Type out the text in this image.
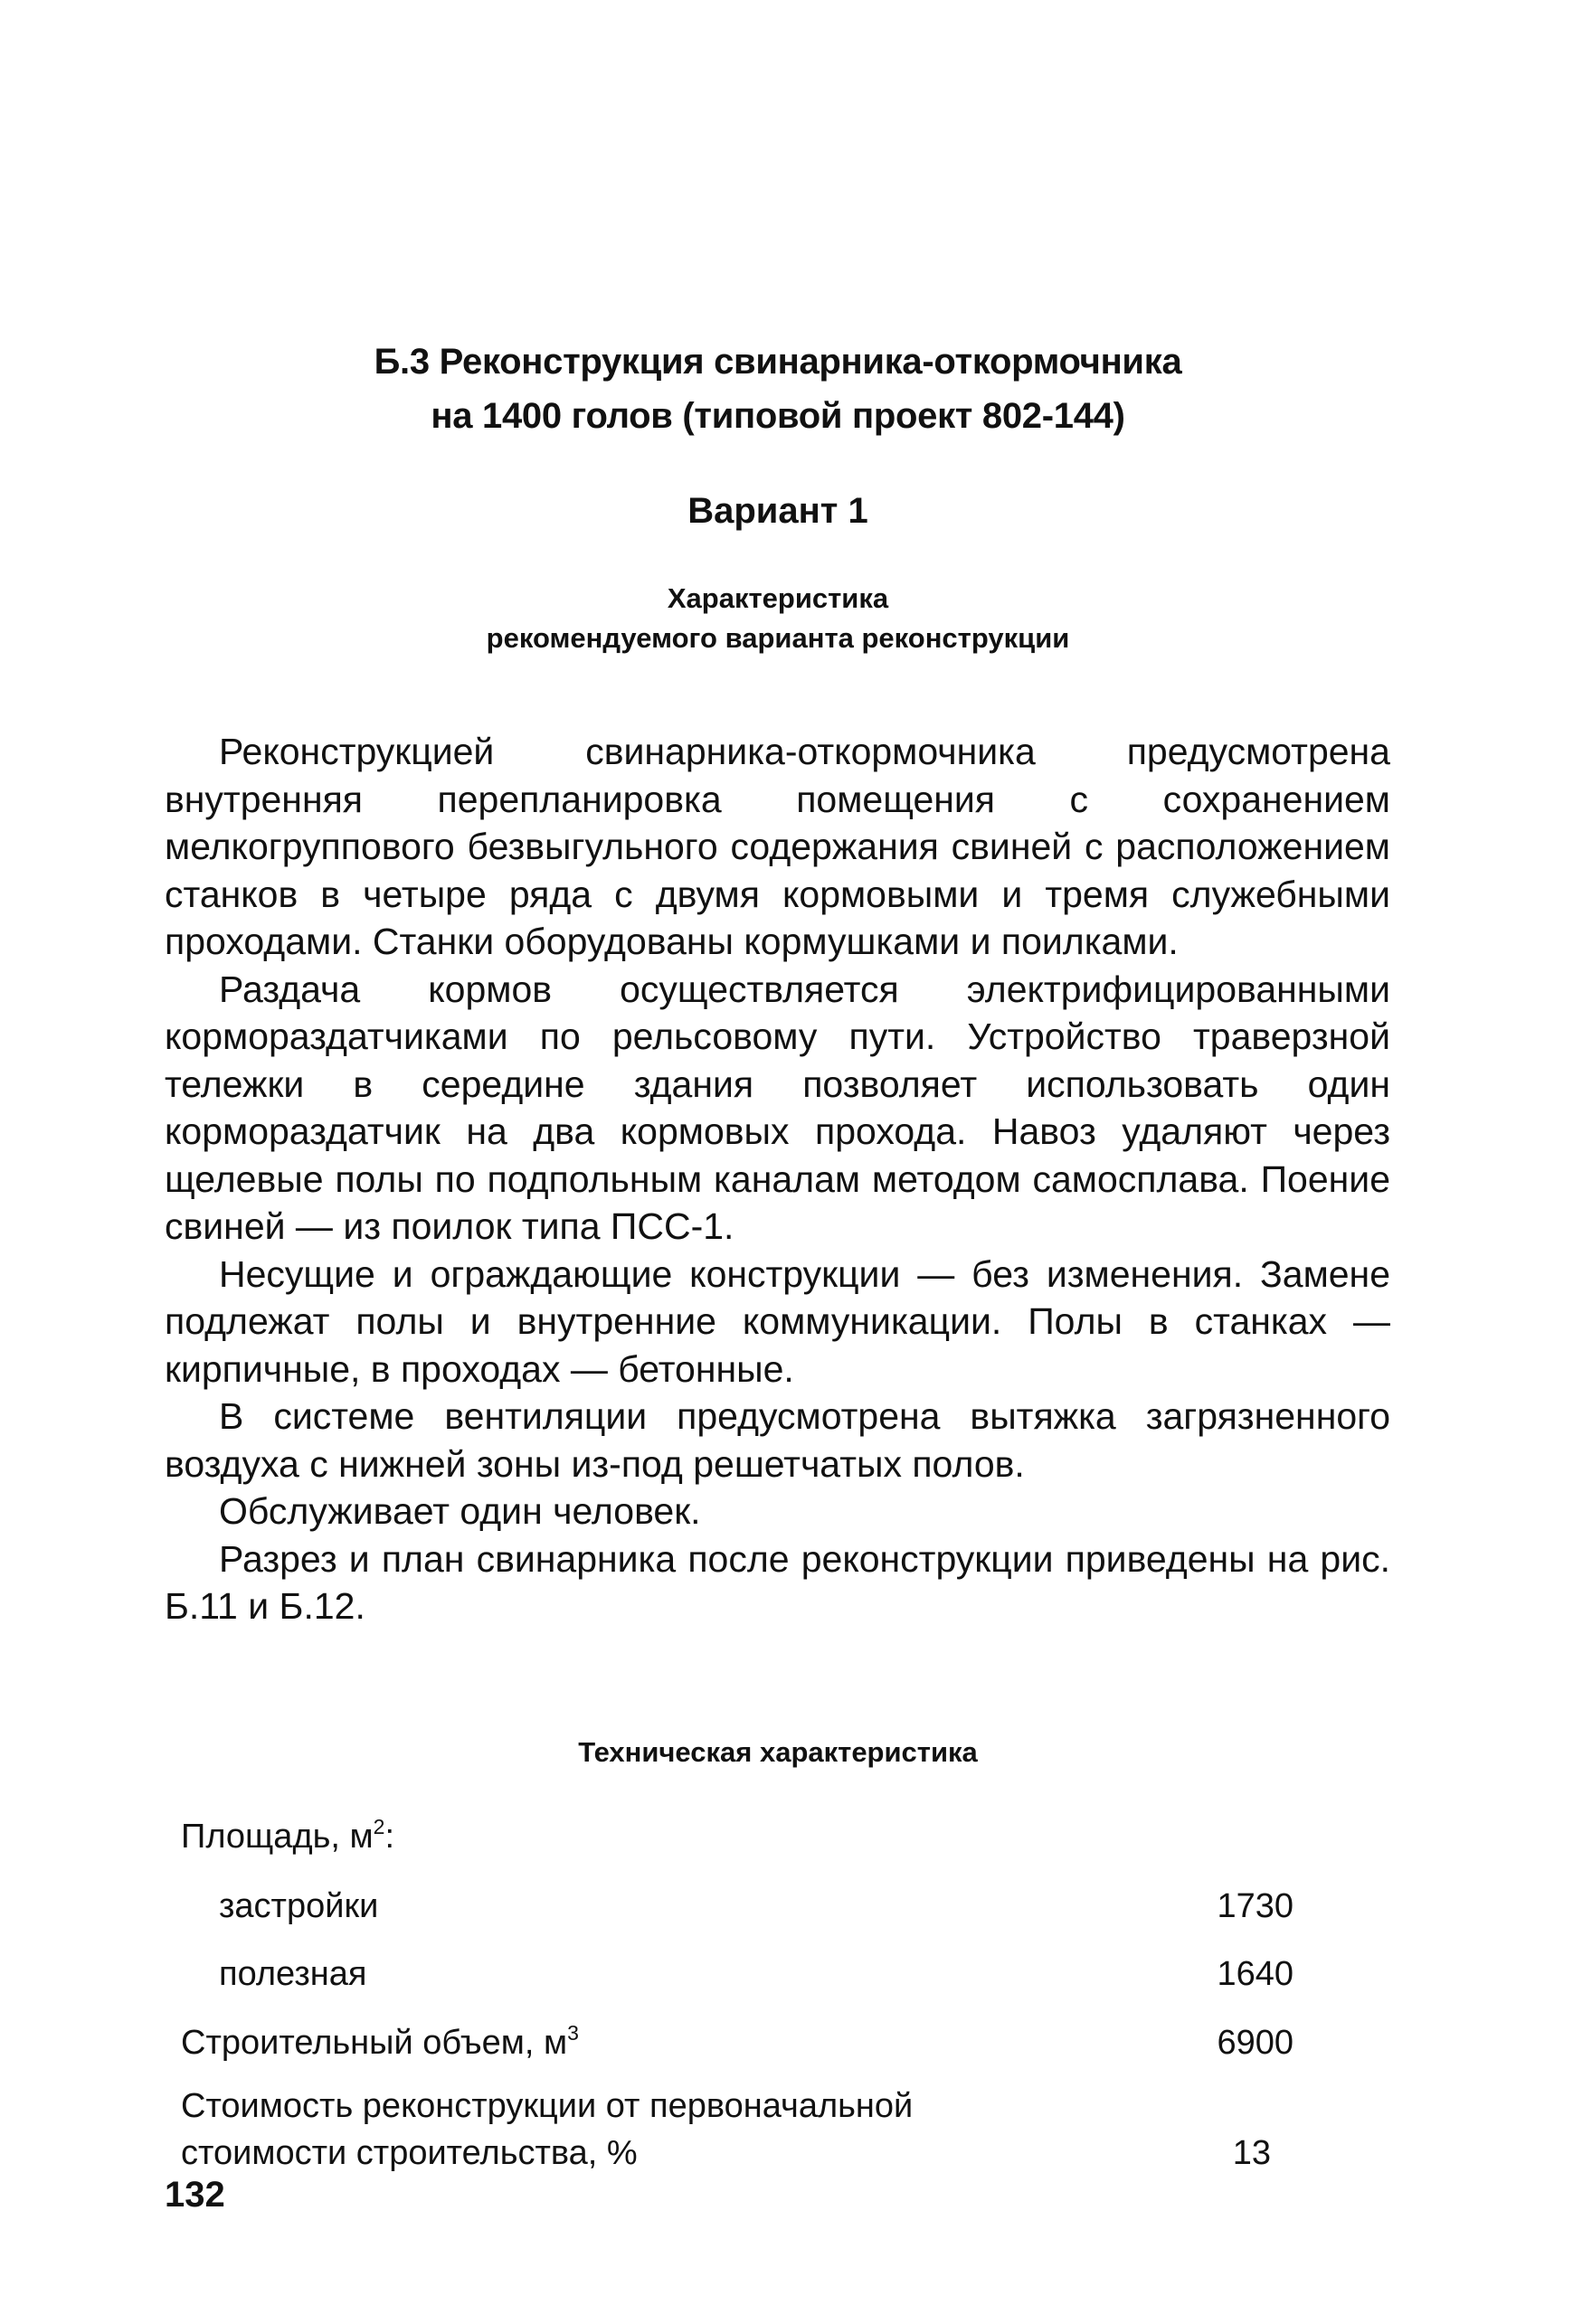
Б.3 Реконструкция свинарника-откормочника
на 1400 голов (типовой проект 802-144)
Вариант 1
Характеристика
рекомендуемого варианта реконструкции

Реконструкцией свинарника-откормочника предусмотрена внутренняя перепланировка помещения с сохранением мелкогруппового безвыгульного содержания свиней с расположением станков в четыре ряда с двумя кормовыми и тремя служебными проходами. Станки оборудованы кормушками и поилками.

Раздача кормов осуществляется электрифицированными кормораздатчиками по рельсовому пути. Устройство траверзной тележки в середине здания позволяет использовать один кормораздатчик на два кормовых прохода. Навоз удаляют через щелевые полы по подпольным каналам методом самосплава. Поение свиней — из поилок типа ПСС-1.

Несущие и ограждающие конструкции — без изменения. Замене подлежат полы и внутренние коммуникации. Полы в станках — кирпичные, в проходах — бетонные.

В системе вентиляции предусмотрена вытяжка загрязненного воздуха с нижней зоны из-под решетчатых полов.

Обслуживает один человек.

Разрез и план свинарника после реконструкции приведены на рис. Б.11 и Б.12.

Техническая характеристика
Площадь, $м^2$:
застройки	1730
полезная	1640
Строительный объем, $м^3$	6900
Стоимость реконструкции от первоначальной
стоимости строительства, %	13
132
